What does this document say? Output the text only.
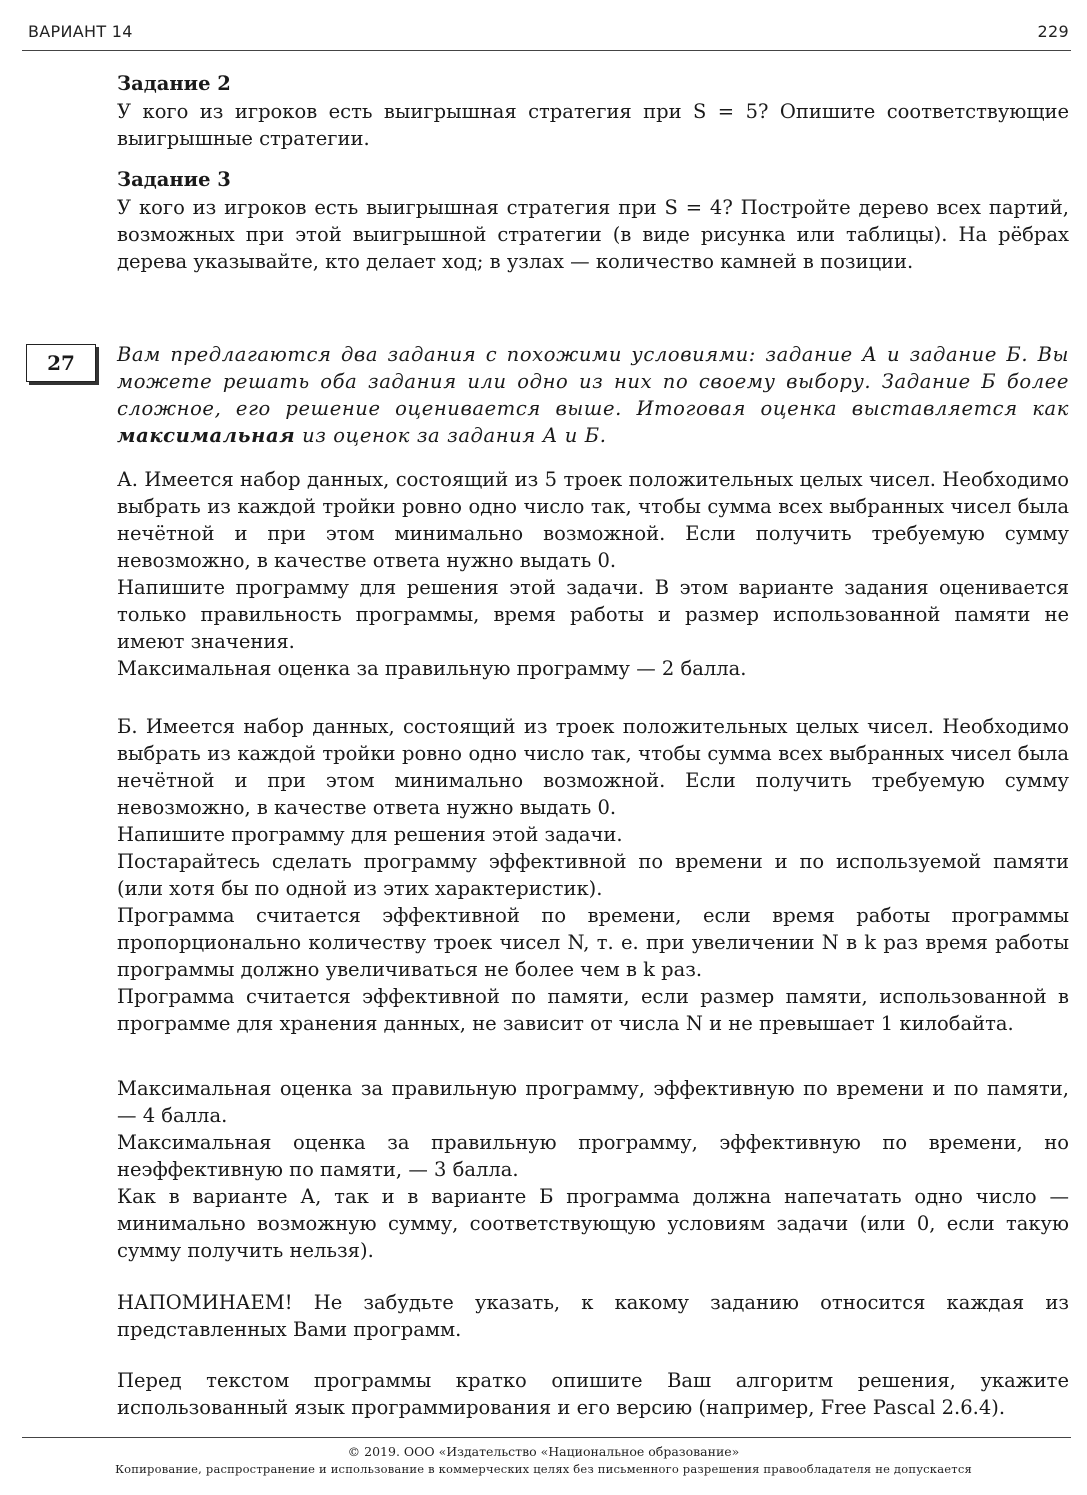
ВАРИАНТ 14	229
Задание 2

У кого из игроков есть выигрышная стратегия при S = 5? Опишите соответствующие выигрышные стратегии.

Задание 3

У кого из игроков есть выигрышная стратегия при S = 4? Постройте дерево всех партий, возможных при этой выигрышной стратегии (в виде рисунка или таблицы). На рёбрах дерева указывайте, кто делает ход; в узлах — количество камней в позиции.

27	Вам предлагаются два задания с похожими условиями: задание А и задание Б. Вы можете решать оба задания или одно из них по своему выбору. Задание Б более сложное, его решение оценивается выше. Итоговая оценка выставляется как максимальная из оценок за задания А и Б.

А. Имеется набор данных, состоящий из 5 троек положительных целых чисел. Необходимо выбрать из каждой тройки ровно одно число так, чтобы сумма всех выбранных чисел была нечётной и при этом минимально возможной. Если получить требуемую сумму невозможно, в качестве ответа нужно выдать 0.

Напишите программу для решения этой задачи. В этом варианте задания оценивается только правильность программы, время работы и размер использованной памяти не имеют значения.

Максимальная оценка за правильную программу — 2 балла.

Б. Имеется набор данных, состоящий из троек положительных целых чисел. Необходимо выбрать из каждой тройки ровно одно число так, чтобы сумма всех выбранных чисел была нечётной и при этом минимально возможной. Если получить требуемую сумму невозможно, в качестве ответа нужно выдать 0.

Напишите программу для решения этой задачи.

Постарайтесь сделать программу эффективной по времени и по используемой памяти (или хотя бы по одной из этих характеристик).

Программа считается эффективной по времени, если время работы программы пропорционально количеству троек чисел N, т. е. при увеличении N в k раз время работы программы должно увеличиваться не более чем в k раз.

Программа считается эффективной по памяти, если размер памяти, использованной в программе для хранения данных, не зависит от числа N и не превышает 1 килобайта.

Максимальная оценка за правильную программу, эффективную по времени и по памяти, — 4 балла.

Максимальная оценка за правильную программу, эффективную по времени, но неэффективную по памяти, — 3 балла.

Как в варианте А, так и в варианте Б программа должна напечатать одно число — минимально возможную сумму, соответствующую условиям задачи (или 0, если такую сумму получить нельзя).

НАПОМИНАЕМ! Не забудьте указать, к какому заданию относится каждая из представленных Вами программ.

Перед текстом программы кратко опишите Ваш алгоритм решения, укажите использованный язык программирования и его версию (например, Free Pascal 2.6.4).

© 2019. ООО «Издательство «Национальное образование»
Копирование, распространение и использование в коммерческих целях без письменного разрешения правообладателя не допускается
